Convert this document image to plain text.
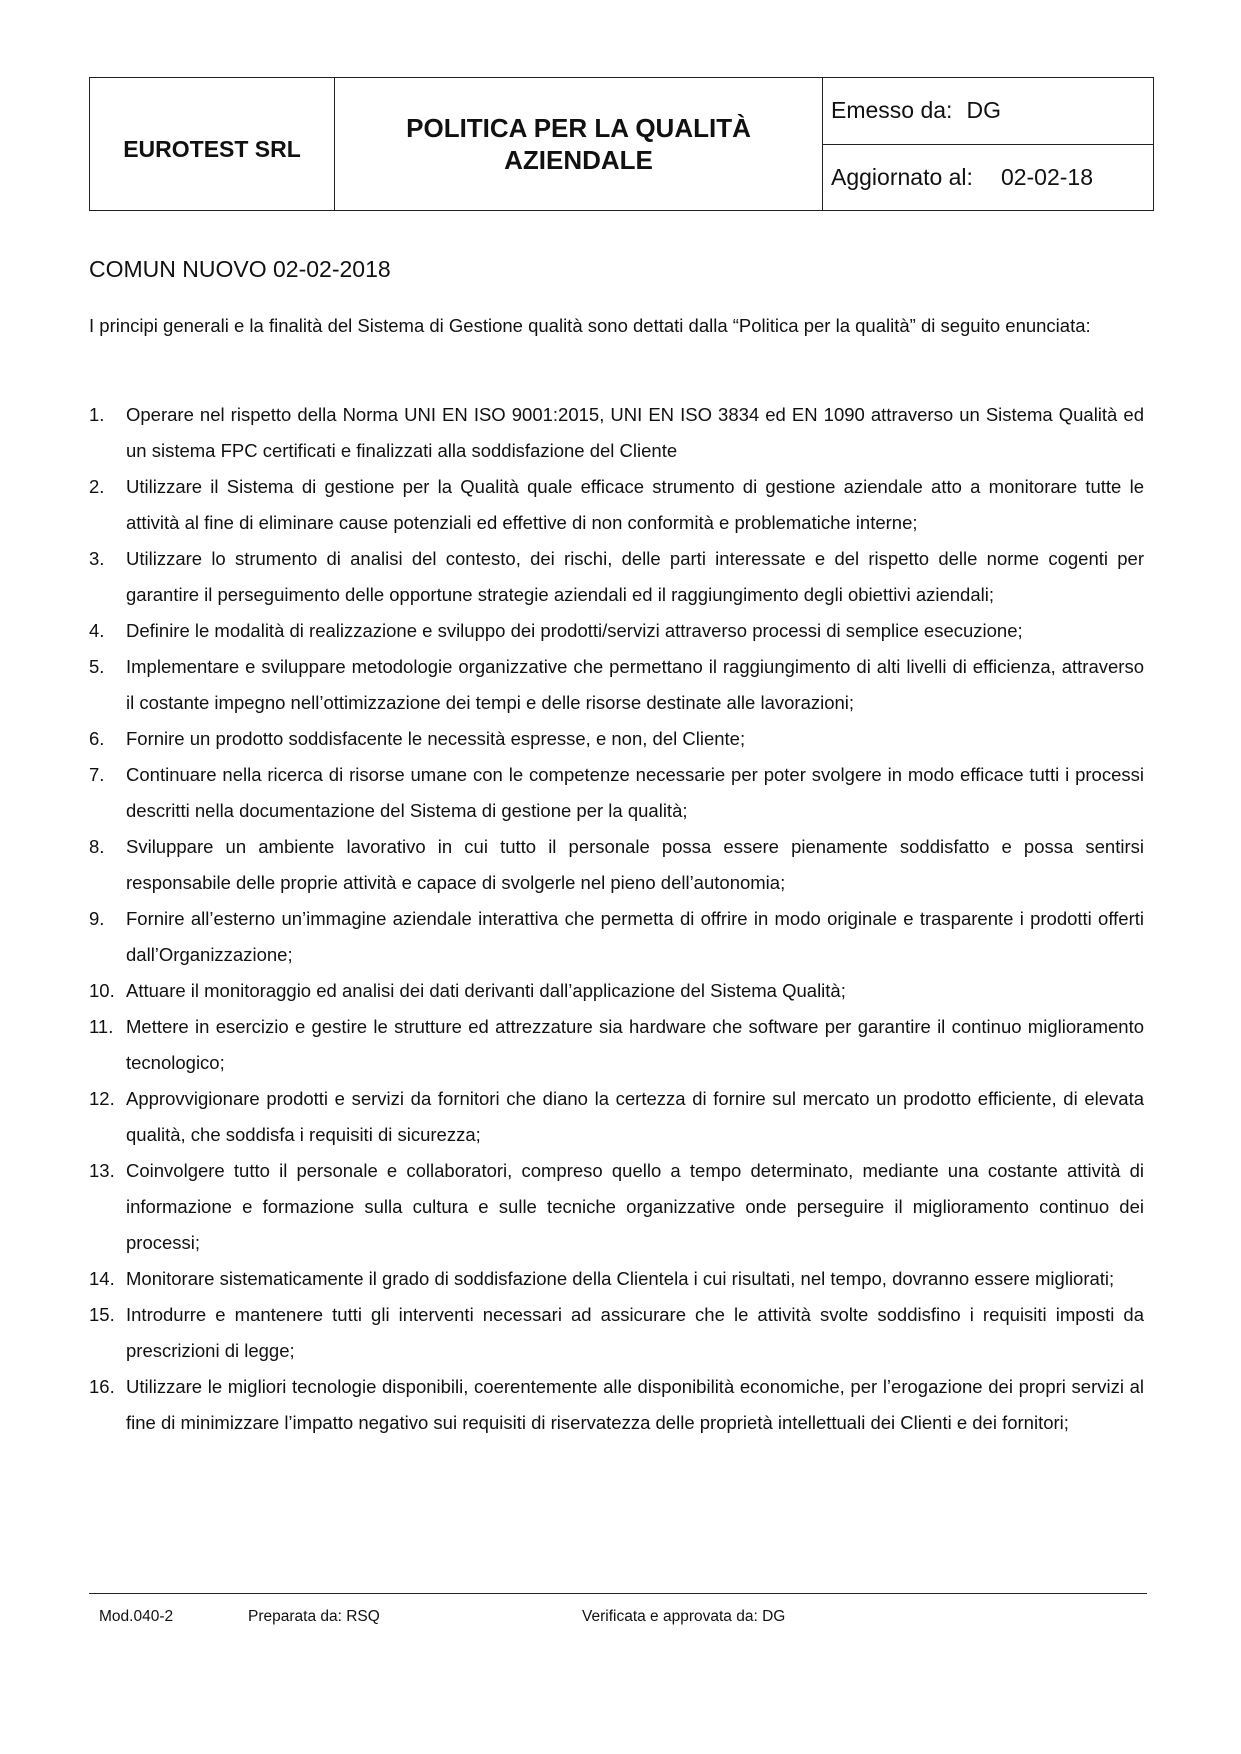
EUROTEST SRL
POLITICA PER LA QUALITÀ
AZIENDALE
Emesso da: DG
Aggiornato al: 02-02-18
COMUN NUOVO 02-02-2018
I principi generali e la finalità del Sistema di Gestione qualità sono dettati dalla “Politica per la qualità” di seguito enunciata:
1. Operare nel rispetto della Norma UNI EN ISO 9001:2015, UNI EN ISO 3834 ed EN 1090 attraverso un Sistema Qualità ed un sistema FPC certificati e finalizzati alla soddisfazione del Cliente
2. Utilizzare il Sistema di gestione per la Qualità quale efficace strumento di gestione aziendale atto a monitorare tutte le attività al fine di eliminare cause potenziali ed effettive di non conformità e problematiche interne;
3. Utilizzare lo strumento di analisi del contesto, dei rischi, delle parti interessate e del rispetto delle norme cogenti per garantire il perseguimento delle opportune strategie aziendali ed il raggiungimento degli obiettivi aziendali;
4. Definire le modalità di realizzazione e sviluppo dei prodotti/servizi attraverso processi di semplice esecuzione;
5. Implementare e sviluppare metodologie organizzative che permettano il raggiungimento di alti livelli di efficienza, attraverso il costante impegno nell’ottimizzazione dei tempi e delle risorse destinate alle lavorazioni;
6. Fornire un prodotto soddisfacente le necessità espresse, e non, del Cliente;
7. Continuare nella ricerca di risorse umane con le competenze necessarie per poter svolgere in modo efficace tutti i processi descritti nella documentazione del Sistema di gestione per la qualità;
8. Sviluppare un ambiente lavorativo in cui tutto il personale possa essere pienamente soddisfatto e possa sentirsi responsabile delle proprie attività e capace di svolgerle nel pieno dell’autonomia;
9. Fornire all’esterno un’immagine aziendale interattiva che permetta di offrire in modo originale e trasparente i prodotti offerti dall’Organizzazione;
10. Attuare il monitoraggio ed analisi dei dati derivanti dall’applicazione del Sistema Qualità;
11. Mettere in esercizio e gestire le strutture ed attrezzature sia hardware che software per garantire il continuo miglioramento tecnologico;
12. Approvvigionare prodotti e servizi da fornitori che diano la certezza di fornire sul mercato un prodotto efficiente, di elevata qualità, che soddisfa i requisiti di sicurezza;
13. Coinvolgere tutto il personale e collaboratori, compreso quello a tempo determinato, mediante una costante attività di informazione e formazione sulla cultura e sulle tecniche organizzative onde perseguire il miglioramento continuo dei processi;
14. Monitorare sistematicamente il grado di soddisfazione della Clientela i cui risultati, nel tempo, dovranno essere migliorati;
15. Introdurre e mantenere tutti gli interventi necessari ad assicurare che le attività svolte soddisfino i requisiti imposti da prescrizioni di legge;
16. Utilizzare le migliori tecnologie disponibili, coerentemente alle disponibilità economiche, per l’erogazione dei propri servizi al fine di minimizzare l’impatto negativo sui requisiti di riservatezza delle proprietà intellettuali dei Clienti e dei fornitori;
Mod.040-2	Preparata da: RSQ	Verificata e approvata da: DG
